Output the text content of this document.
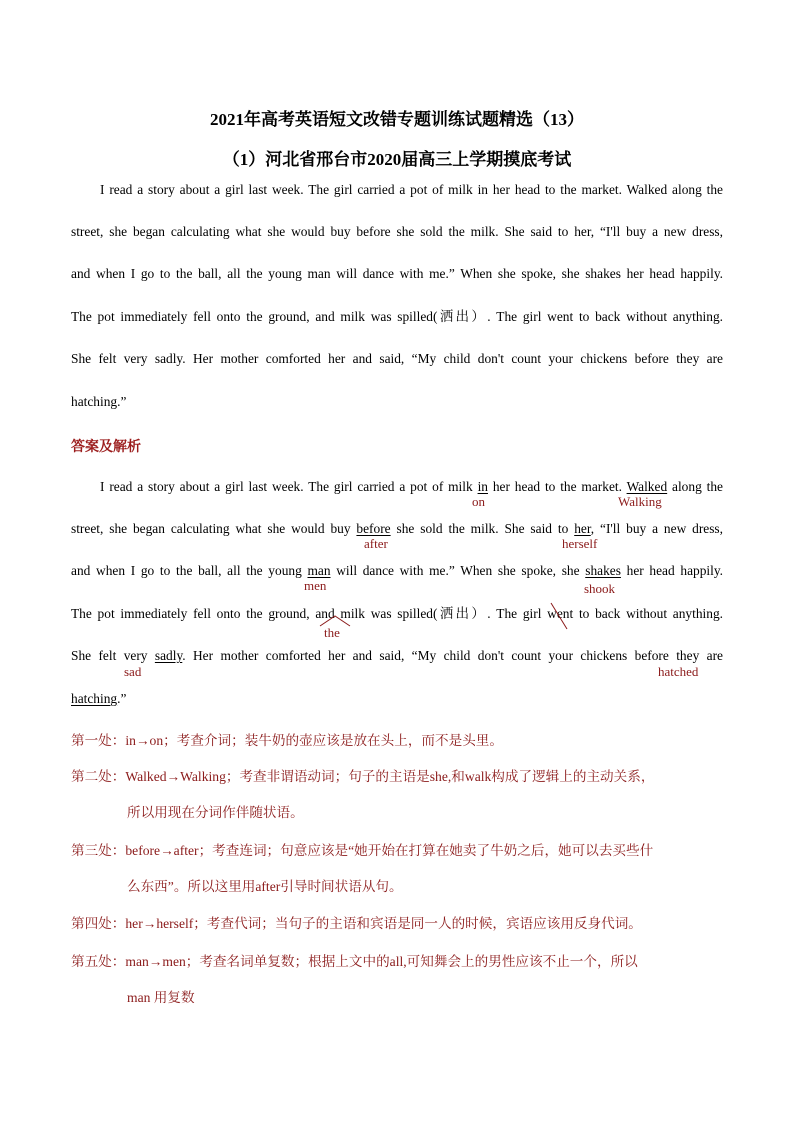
2021年高考英语短文改错专题训练试题精选（13）
（1）河北省邢台市2020届高三上学期摸底考试
I read a story about a girl last week. The girl carried a pot of milk in her head to the market. Walked along the
street, she began calculating what she would buy before she sold the milk. She said to her, “I'll buy a new dress,
and when I go to the ball, all the young man will dance with me.” When she spoke, she shakes her head happily.
The pot immediately fell onto the ground, and milk was spilled(洒出）. The girl went to back without anything.
She felt very sadly. Her mother comforted her and said, “My child don't count your chickens before they are
hatching.”
答案及解析
I read a story about a girl last week. The girl carried a pot of milk in her head to the market. Walked along the
street, she began calculating what she would buy before she sold the milk. She said to her, “I'll buy a new dress,
and when I go to the ball, all the young man will dance with me.” When she spoke, she shakes her head happily.
The pot immediately fell onto the ground, and milk was spilled(洒出）. The girl went to back without anything.
She felt very sadly. Her mother comforted her and said, “My child don't count your chickens before they are
hatching.”
on	Walking
after	herself
men	shook
the
sad	hatched
第一处：in→on；考查介词；装牛奶的壶应该是放在头上，而不是头里。
第二处：Walked→Walking；考查非谓语动词；句子的主语是she,和walk构成了逻辑上的主动关系，
所以用现在分词作伴随状语。
第三处：before→after；考查连词；句意应该是“她开始在打算在她卖了牛奶之后，她可以去买些什
么东西”。所以这里用after引导时间状语从句。
第四处：her→herself；考查代词；当句子的主语和宾语是同一人的时候，宾语应该用反身代词。
第五处：man→men；考查名词单复数；根据上文中的all,可知舞会上的男性应该不止一个，所以
man 用复数
